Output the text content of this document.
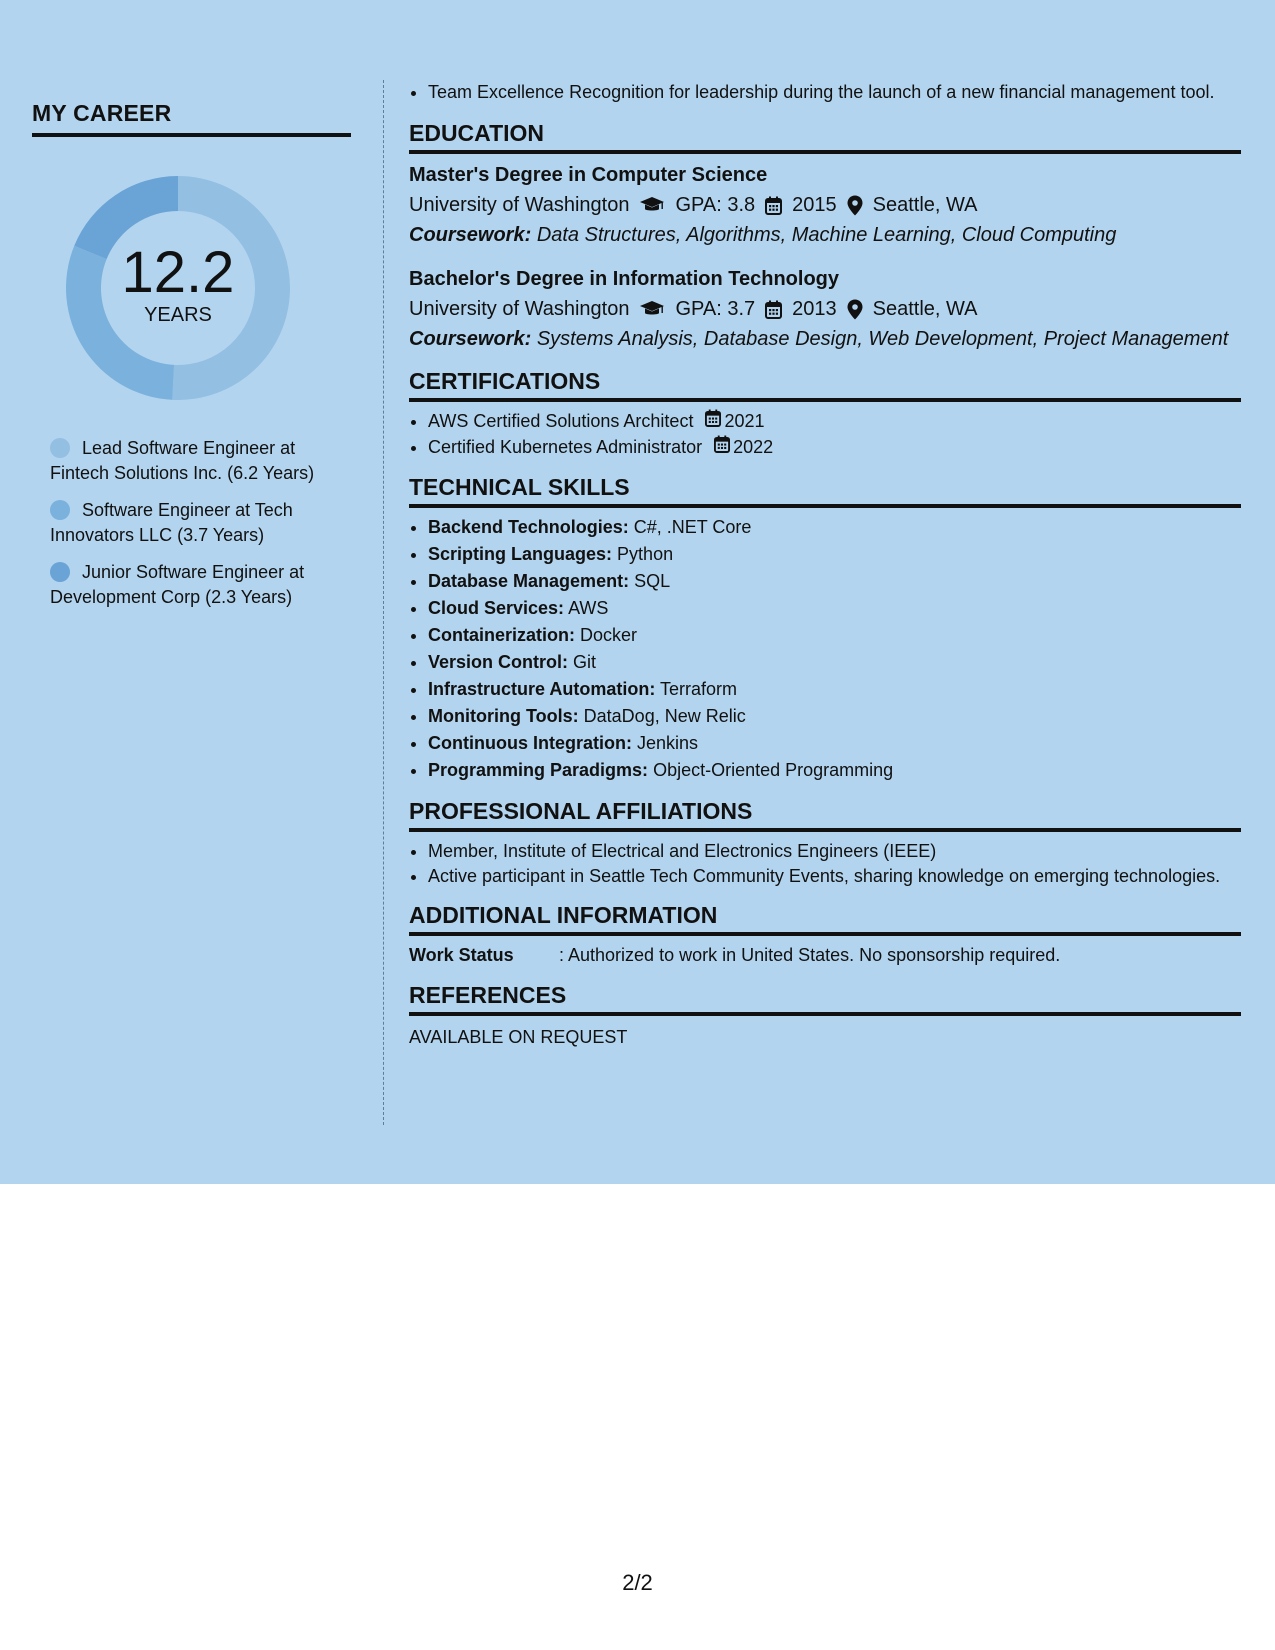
MY CAREER
12.2
YEARS
Lead Software Engineer at Fintech Solutions Inc. (6.2 Years)
Software Engineer at Tech Innovators LLC (3.7 Years)
Junior Software Engineer at Development Corp (2.3 Years)
• Team Excellence Recognition for leadership during the launch of a new financial management tool.
EDUCATION
Master's Degree in Computer Science
University of Washington GPA: 3.8 2015 Seattle, WA
Coursework: Data Structures, Algorithms, Machine Learning, Cloud Computing
Bachelor's Degree in Information Technology
University of Washington GPA: 3.7 2013 Seattle, WA
Coursework: Systems Analysis, Database Design, Web Development, Project Management
CERTIFICATIONS
• AWS Certified Solutions Architect 2021
• Certified Kubernetes Administrator 2022
TECHNICAL SKILLS
• Backend Technologies: C#, .NET Core
• Scripting Languages: Python
• Database Management: SQL
• Cloud Services: AWS
• Containerization: Docker
• Version Control: Git
• Infrastructure Automation: Terraform
• Monitoring Tools: DataDog, New Relic
• Continuous Integration: Jenkins
• Programming Paradigms: Object-Oriented Programming
PROFESSIONAL AFFILIATIONS
• Member, Institute of Electrical and Electronics Engineers (IEEE)
• Active participant in Seattle Tech Community Events, sharing knowledge on emerging technologies.
ADDITIONAL INFORMATION
Work Status	: Authorized to work in United States. No sponsorship required.
REFERENCES
AVAILABLE ON REQUEST
2/2
